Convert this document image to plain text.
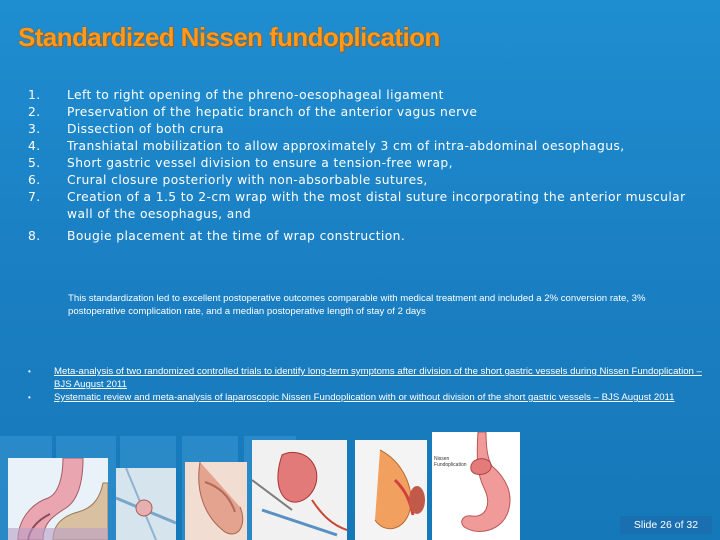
Standardized Nissen fundoplication
1.	Left to right opening of the phreno-oesophageal ligament
2.	Preservation of the hepatic branch of the anterior vagus nerve
3.	Dissection of both crura
4.	Transhiatal mobilization to allow approximately 3 cm of intra-abdominal oesophagus,
5.	Short gastric vessel division to ensure a tension-free wrap,
6.	Crural closure posteriorly with non-absorbable sutures,
7.	Creation of a 1.5 to 2-cm wrap with the most distal suture incorporating the anterior muscular wall of the oesophagus, and
8.	Bougie placement at the time of wrap construction.
This standardization led to excellent postoperative outcomes comparable with medical treatment and included a 2% conversion rate, 3% postoperative complication rate, and a median postoperative length of stay of 2 days
•	Meta-analysis of two randomized controlled trials to identify long-term symptoms after division of the short gastric vessels during Nissen Fundoplication – BJS August 2011
•	Systematic review and meta-analysis of laparoscopic Nissen Fundoplication with or without division of the short gastric vessels – BJS August 2011
Nissen Fundoplication
Slide 26 of 32
